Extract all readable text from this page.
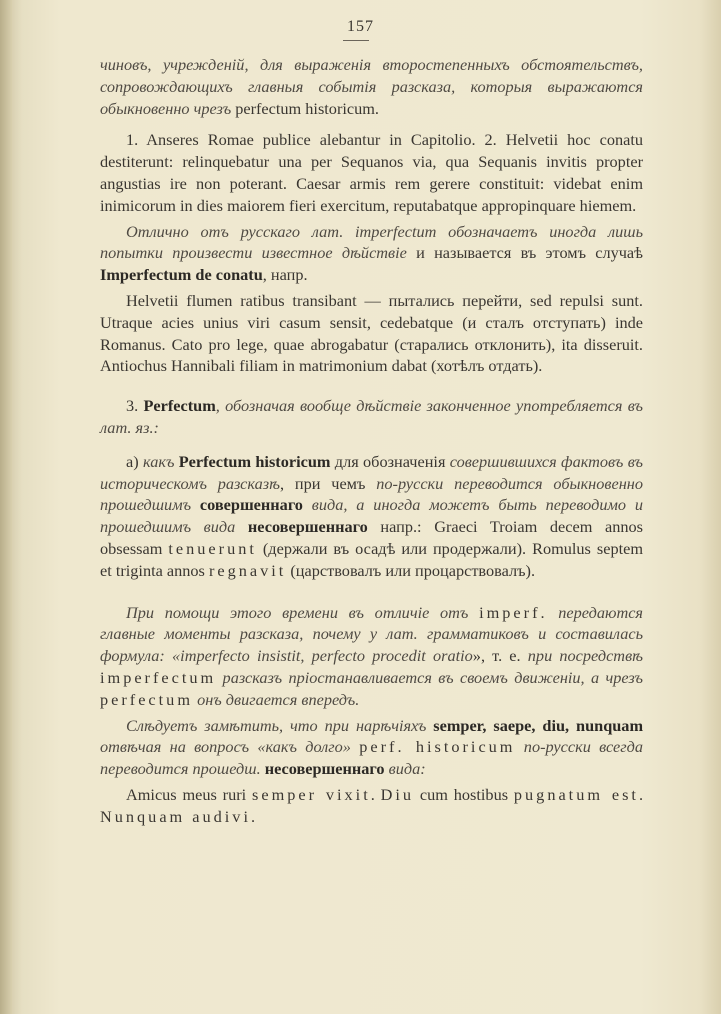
157

чиновъ, учрежденiй, для выраженiя второстепенныхъ обстоятельствъ, сопровождающихъ главныя событiя разсказа, которыя выражаются обыкновенно чрезъ perfectum historicum.

1. Anseres Romae publice alebantur in Capitolio. 2. Helvetii hoc conatu destiterunt: relinquebatur una per Sequanos via, qua Sequanis invitis propter angustias ire non poterant. Caesar armis rem gerere constituit: videbat enim inimicorum in dies maiorem fieri exercitum, reputabatque appropinquare hiemem.

Отлично отъ русскаго лат. imperfectum обозначаетъ иногда лишь попытки произвести известное дѣйствiе и называется въ этомъ случаѣ Imperfectum de conatu, напр.

Helvetii flumen ratibus transibant — пытались перейти, sed repulsi sunt. Utraque acies unius viri casum sensit, cedebatque (и сталъ отступать) inde Romanus. Cato pro lege, quae abrogabatur (старались отклонить), ita disseruit. Antiochus Hannibali filiam in matrimonium dabat (хотѣлъ отдать).

3. Perfectum, обозначая вообще дѣйствiе законченное употребляется въ лат. яз.:

a) какъ Perfectum historicum для обозначенiя совершившихся фактовъ въ историческомъ разсказѣ, при чемъ по-русски переводится обыкновенно прошедшимъ совершеннаго вида, а иногда можетъ быть переводимо и прошедшимъ вида несовершеннаго напр.: Graeci Troiam decem annos obsessam tenuerunt (держали въ осадѣ или продержали). Romulus septem et triginta annos regnavit (царствовалъ или процарствовалъ).

При помощи этого времени въ отличiе отъ imperf. передаются главные моменты разсказа, почему у лат. грамматиковъ и составилась формула: «imperfecto insistit, perfecto procedit oratio», т. е. при посредствѣ imperfectum разсказъ прiостанавливается въ своемъ движенiи, а чрезъ perfectum онъ двигается впередъ.

Слѣдуетъ замѣтить, что при нарѣчiяхъ semper, saepe, diu, nunquam отвѣчая на вопросъ «какъ долго» perf. historicum по-русски всегда переводится прошедш. несовершеннаго вида:

Amicus meus ruri semper vixit. Diu cum hostibus pugnatum est. Nunquam audivi.
